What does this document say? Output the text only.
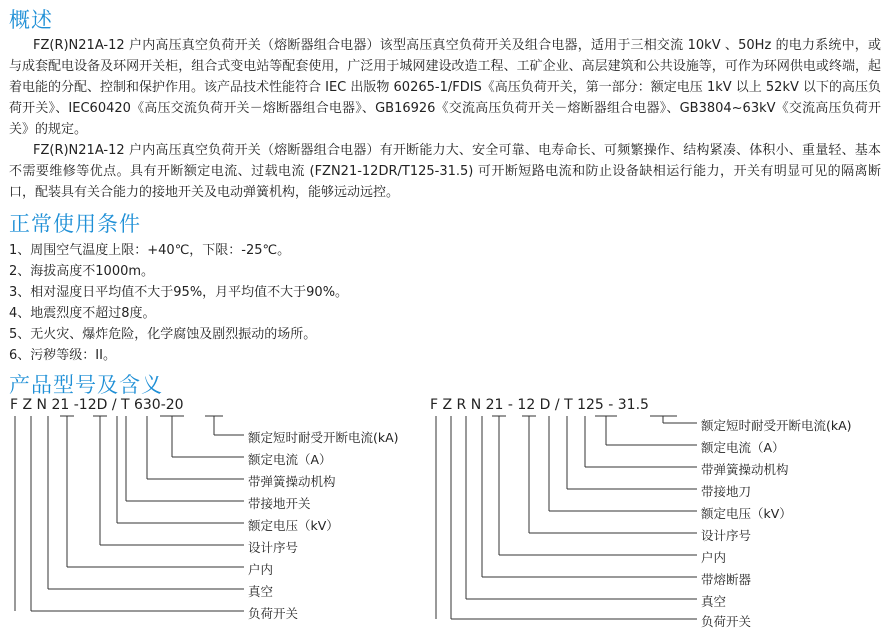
概述

FZ(R)N21A-12 户内高压真空负荷开关（熔断器组合电器）该型高压真空负荷开关及组合电器，适用于三相交流 10kV 、50Hz 的电力系统中，或与成套配电设备及环网开关柜，组合式变电站等配套使用，广泛用于城网建设改造工程、工矿企业、高层建筑和公共设施等，可作为环网供电或终端，起着电能的分配、控制和保护作用。该产品技术性能符合 IEC 出版物 60265-1/FDIS《高压负荷开关，第一部分：额定电压 1kV 以上 52kV 以下的高压负荷开关》、IEC60420《高压交流负荷开关－熔断器组合电器》、GB16926《交流高压负荷开关－熔断器组合电器》、GB3804~63kV《交流高压负荷开关》的规定。

FZ(R)N21A-12 户内高压真空负荷开关（熔断器组合电器）有开断能力大、安全可靠、电寿命长、可频繁操作、结构紧凑、体积小、重量轻、基本不需要维修等优点。具有开断额定电流、过载电流 (FZN21-12DR/T125-31.5) 可开断短路电流和防止设备缺相运行能力，开关有明显可见的隔离断口，配装具有关合能力的接地开关及电动弹簧机构，能够远动远控。

正常使用条件
1、周围空气温度上限：+40℃，下限：-25℃。
2、海拔高度不1000m。
3、相对湿度日平均值不大于95%，月平均值不大于90%。
4、地震烈度不超过8度。
5、无火灾、爆炸危险，化学腐蚀及剧烈振动的场所。
6、污秽等级：II。
产品型号及含义
F Z N 21 -12D / T 630-20	F Z R N 21 - 12 D / T 125 - 31.5
额定短时耐受开断电流(kA)
额定电流（A）
带弹簧操动机构
带接地开关
额定电压（kV）
设计序号
户内
真空
负荷开关
额定短时耐受开断电流(kA)
额定电流（A）
带弹簧操动机构
带接地刀
额定电压（kV）
设计序号
户内
带熔断器
真空
负荷开关
